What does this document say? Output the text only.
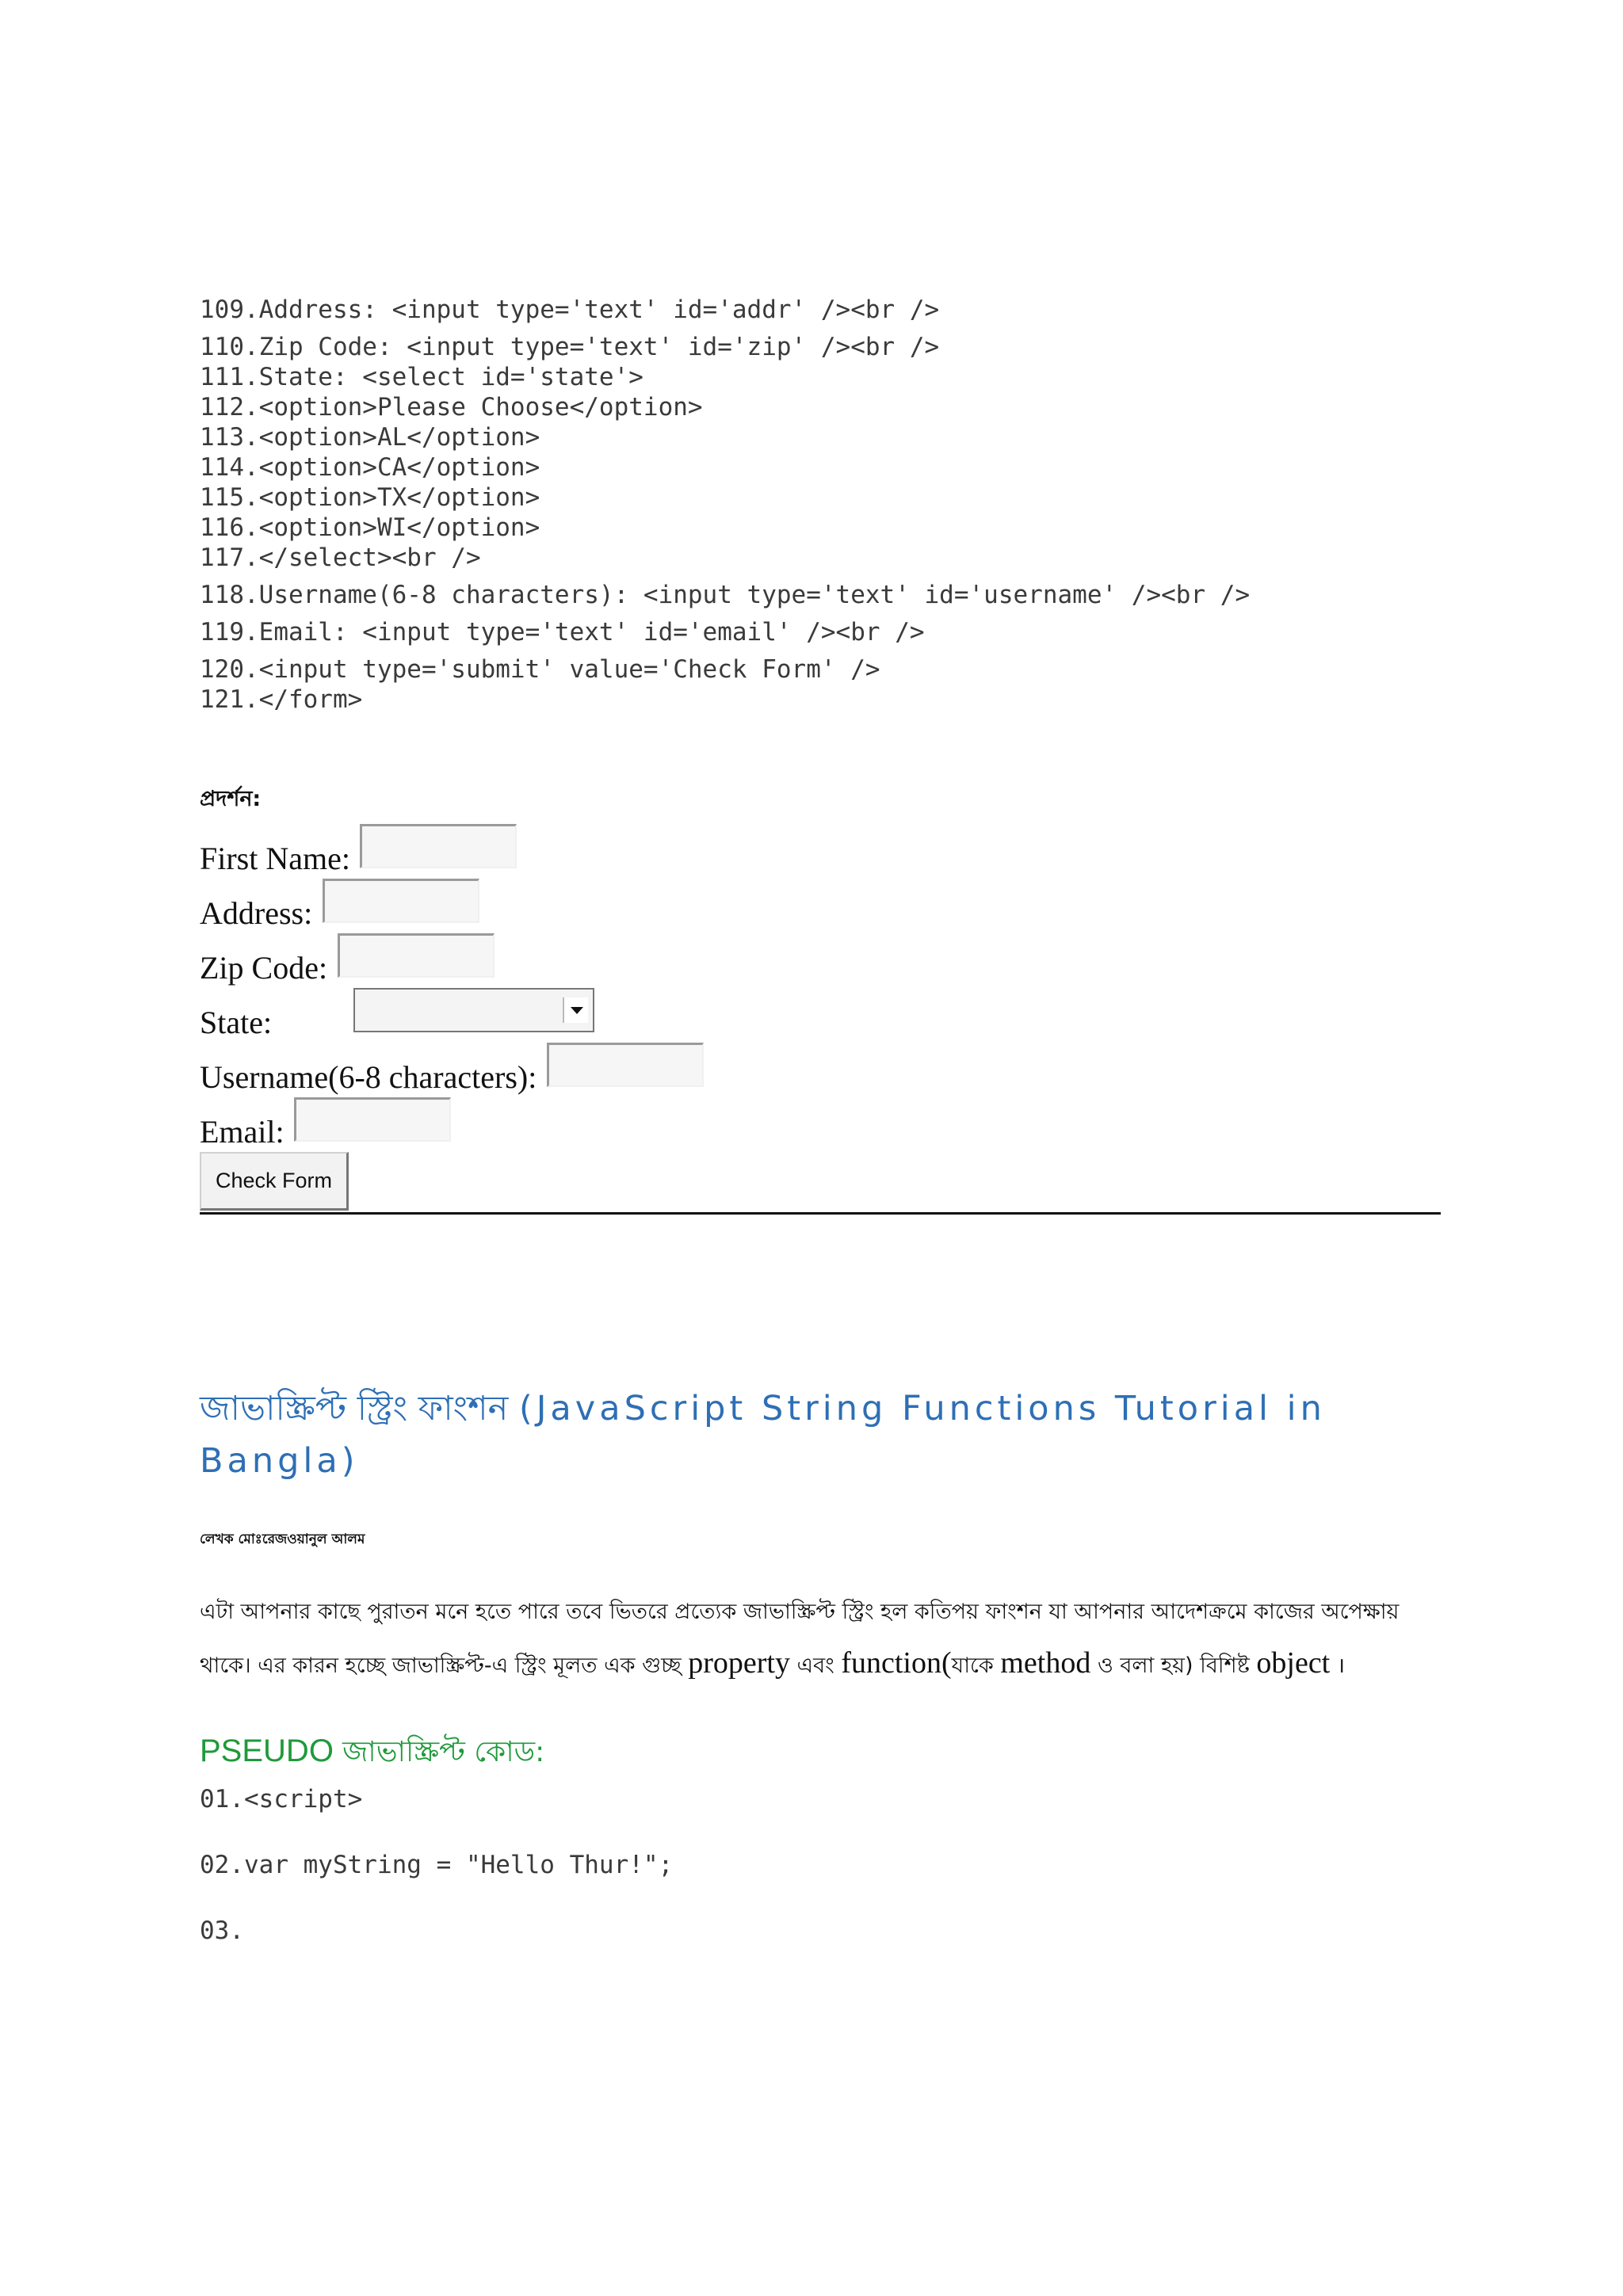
109.Address: <input type='text' id='addr' /><br />

110.Zip Code: <input type='text' id='zip' /><br />

111.State: <select id='state'>

112.<option>Please Choose</option>

113.<option>AL</option>

114.<option>CA</option>

115.<option>TX</option>

116.<option>WI</option>

117.</select><br />

118.Username(6-8 characters): <input type='text' id='username' /><br />

119.Email: <input type='text' id='email' /><br />

120.<input type='submit' value='Check Form' />

121.</form>

প্রদর্শন:
First Name:
Address:
Zip Code:
State:
Username(6-8 characters):
Email:
Check Form
জাভাস্ক্রিপ্ট স্ট্রিং ফাংশন (JavaScript String Functions Tutorial in
Bangla)
লেখক মোঃরেজওয়ানুল আলম
এটা আপনার কাছে পুরাতন মনে হতে পারে তবে ভিতরে প্রত্যেক জাভাস্ক্রিপ্ট স্ট্রিং হল কতিপয় ফাংশন যা আপনার আদেশক্রমে কাজের অপেক্ষায়
থাকে। এর কারন হচ্ছে জাভাস্ক্রিপ্ট-এ স্ট্রিং মূলত এক গুচ্ছ property এবং function(যাকে method ও বলা হয়) বিশিষ্ট object ।
PSEUDO জাভাস্ক্রিপ্ট কোড:

01.<script>

02.var myString = "Hello Thur!";

03.
